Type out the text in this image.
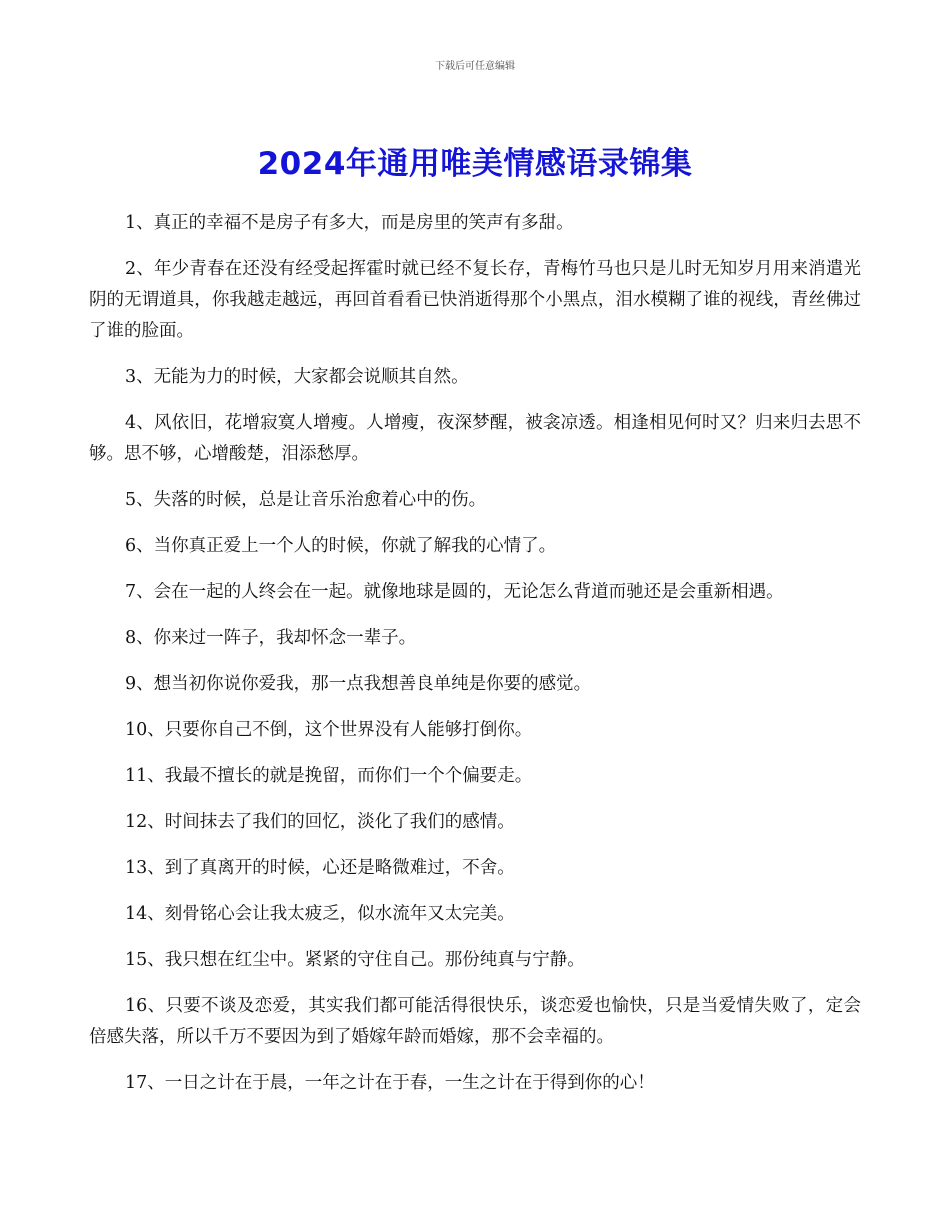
下载后可任意编辑
2024年通用唯美情感语录锦集

1、真正的幸福不是房子有多大，而是房里的笑声有多甜。

2、年少青春在还没有经受起挥霍时就已经不复长存，青梅竹马也只是儿时无知岁月用来消遣光阴的无谓道具，你我越走越远，再回首看看已快消逝得那个小黑点，泪水模糊了谁的视线，青丝佛过了谁的脸面。

3、无能为力的时候，大家都会说顺其自然。

4、风依旧，花增寂寞人增瘦。人增瘦，夜深梦醒，被衾凉透。相逢相见何时又？归来归去思不够。思不够，心增酸楚，泪添愁厚。

5、失落的时候，总是让音乐治愈着心中的伤。

6、当你真正爱上一个人的时候，你就了解我的心情了。

7、会在一起的人终会在一起。就像地球是圆的，无论怎么背道而驰还是会重新相遇。

8、你来过一阵子，我却怀念一辈子。

9、想当初你说你爱我，那一点我想善良单纯是你要的感觉。

10、只要你自己不倒，这个世界没有人能够打倒你。

11、我最不擅长的就是挽留，而你们一个个偏要走。

12、时间抹去了我们的回忆，淡化了我们的感情。

13、到了真离开的时候，心还是略微难过，不舍。

14、刻骨铭心会让我太疲乏，似水流年又太完美。

15、我只想在红尘中。紧紧的守住自己。那份纯真与宁静。

16、只要不谈及恋爱，其实我们都可能活得很快乐，谈恋爱也愉快，只是当爱情失败了，定会倍感失落，所以千万不要因为到了婚嫁年龄而婚嫁，那不会幸福的。

17、一日之计在于晨，一年之计在于春，一生之计在于得到你的心！
